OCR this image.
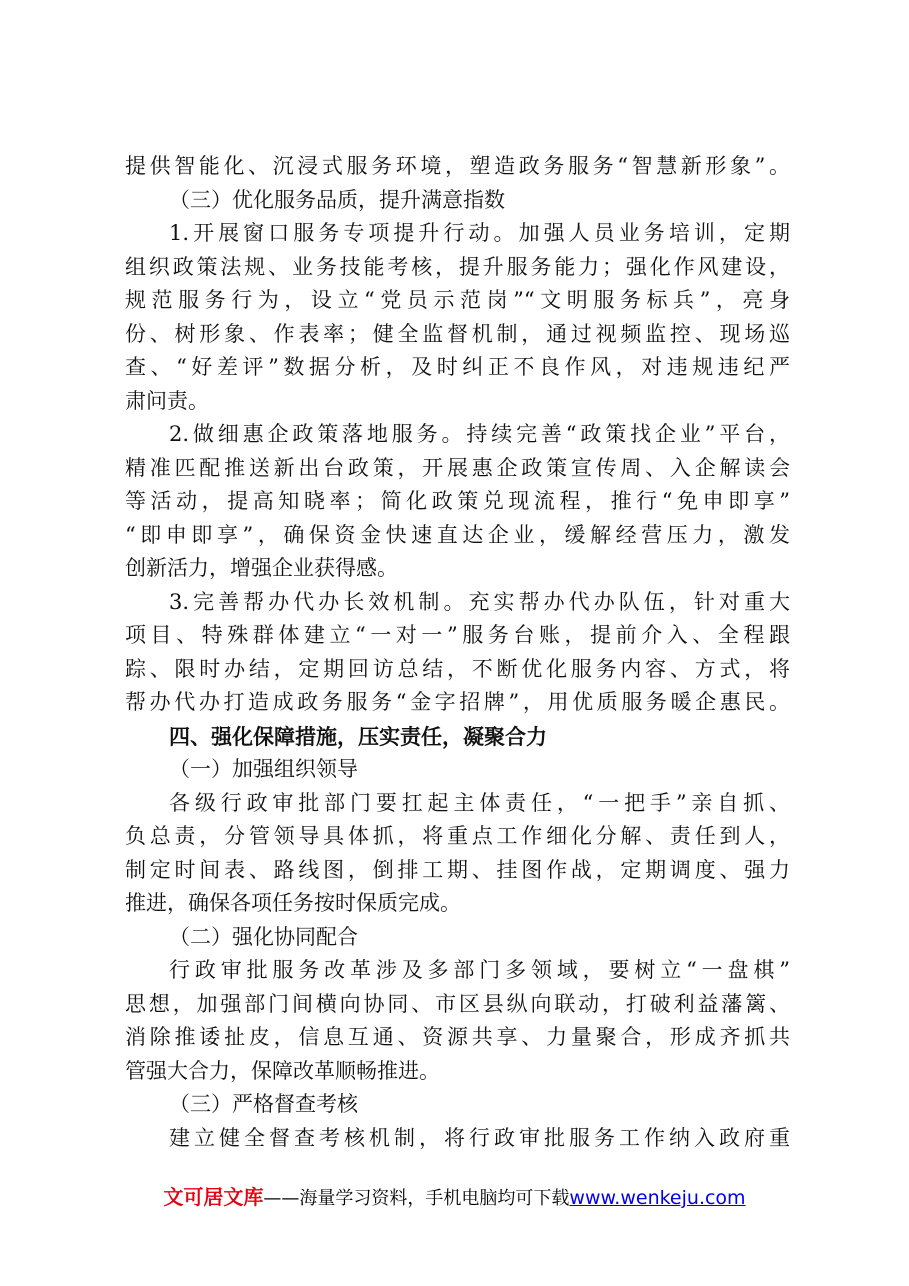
提供智能化、沉浸式服务环境，塑造政务服务“智慧新形象”。
（三）优化服务品质，提升满意指数
1.开展窗口服务专项提升行动。加强人员业务培训，定期
组织政策法规、业务技能考核，提升服务能力；强化作风建设，
规范服务行为，设立“党员示范岗”“文明服务标兵”，亮身
份、树形象、作表率；健全监督机制，通过视频监控、现场巡
查、“好差评”数据分析，及时纠正不良作风，对违规违纪严
肃问责。
2.做细惠企政策落地服务。持续完善“政策找企业”平台，
精准匹配推送新出台政策，开展惠企政策宣传周、入企解读会
等活动，提高知晓率；简化政策兑现流程，推行“免申即享”
“即申即享”，确保资金快速直达企业，缓解经营压力，激发
创新活力，增强企业获得感。
3.完善帮办代办长效机制。充实帮办代办队伍，针对重大
项目、特殊群体建立“一对一”服务台账，提前介入、全程跟
踪、限时办结，定期回访总结，不断优化服务内容、方式，将
帮办代办打造成政务服务“金字招牌”，用优质服务暖企惠民。
四、强化保障措施，压实责任，凝聚合力
（一）加强组织领导
各级行政审批部门要扛起主体责任，“一把手”亲自抓、
负总责，分管领导具体抓，将重点工作细化分解、责任到人，
制定时间表、路线图，倒排工期、挂图作战，定期调度、强力
推进，确保各项任务按时保质完成。
（二）强化协同配合
行政审批服务改革涉及多部门多领域，要树立“一盘棋”
思想，加强部门间横向协同、市区县纵向联动，打破利益藩篱、
消除推诿扯皮，信息互通、资源共享、力量聚合，形成齐抓共
管强大合力，保障改革顺畅推进。
（三）严格督查考核
建立健全督查考核机制，将行政审批服务工作纳入政府重
文可居文库——海量学习资料，手机电脑均可下载www.wenkeju.com
